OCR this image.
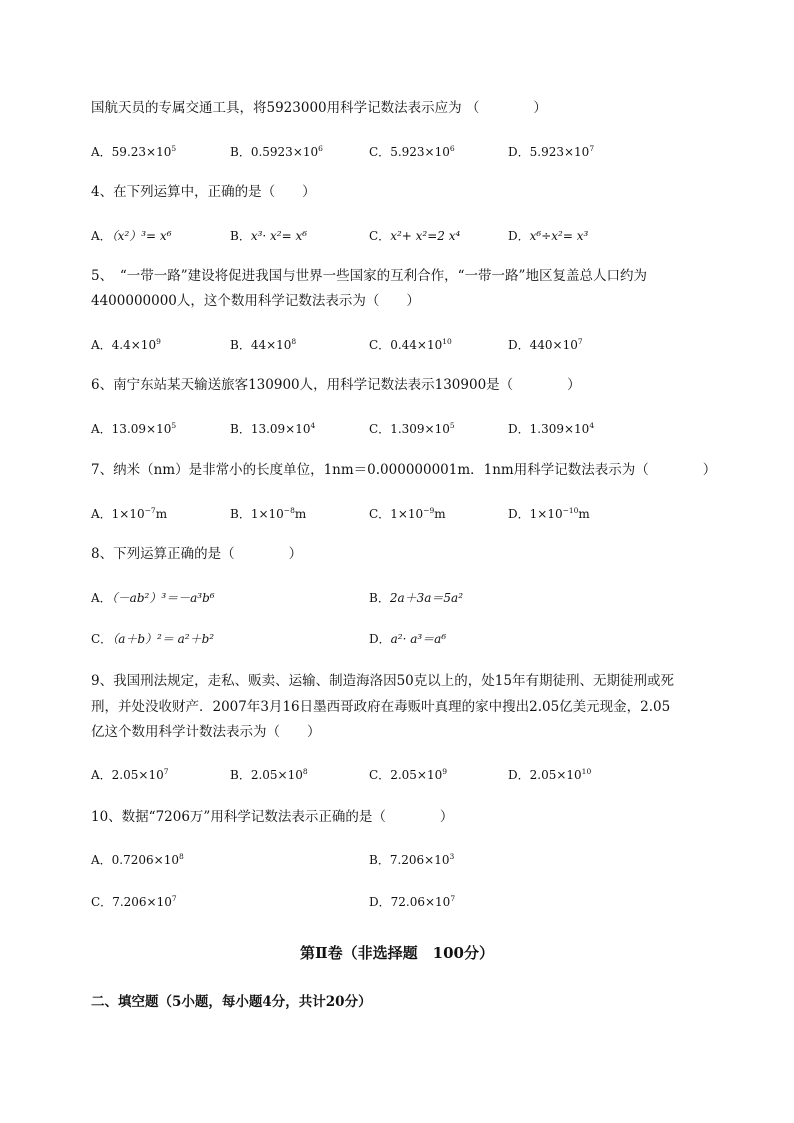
国航天员的专属交通工具，将5923000用科学记数法表示应为 （　　　　）
A．$59.23\times 10^5$	B．$0.5923\times 10^6$	C．$5.923\times 10^6$	D．$5.923\times 10^7$
4、在下列运算中，正确的是（　　）
A．（x²）³= x⁶	B．x³· x²= x⁶	C．x²+ x²=2 x⁴	D．x⁶÷x²= x³
5、　“一带一路”建设将促进我国与世界一些国家的互利合作，“一带一路”地区复盖总人口约为
4400000000人，这个数用科学记数法表示为（　　）
A．$4.4\times 10^9$	B．$44\times 10^8$	C．$0.44\times 10^{10}$	D．$440\times 10^7$
6、南宁东站某天输送旅客130900人，用科学记数法表示130900是（　　　　）
A．$13.09\times 10^5$	B．$13.09\times 10^4$	C．$1.309\times 10^5$	D．$1.309\times 10^4$
7、纳米（nm）是非常小的长度单位，1nm＝0.000000001m．1nm用科学记数法表示为（　　　　）
A．$1\times 10^{-7}m$	B．$1\times 10^{-8}m$	C．$1\times 10^{-9}m$	D．$1\times 10^{-10}m$
8、下列运算正确的是（　　　　）
A．（－ab²）³＝－a³b⁶	B．2a＋3a＝5a²
C．（a＋b）²＝ a²＋b²	D．a²· a³＝a⁶
9、我国刑法规定，走私、贩卖、运输、制造海洛因50克以上的，处15年有期徒刑、无期徒刑或死
刑，并处没收财产．2007年3月16日墨西哥政府在毒贩叶真理的家中搜出2.05亿美元现金，2.05
亿这个数用科学计数法表示为（　　）
A．$2.05\times 10^7$	B．$2.05\times 10^8$	C．$2.05\times 10^9$	D．$2.05\times 10^{10}$
10、数据“7206万”用科学记数法表示正确的是（　　　　）
A．$0.7206\times 10^8$	B．$7.206\times 10^3$
C．$7.206\times 10^7$	D．$72.06\times 10^7$
第Ⅱ卷（非选择题　100分）
二、填空题（5小题，每小题4分，共计20分）
